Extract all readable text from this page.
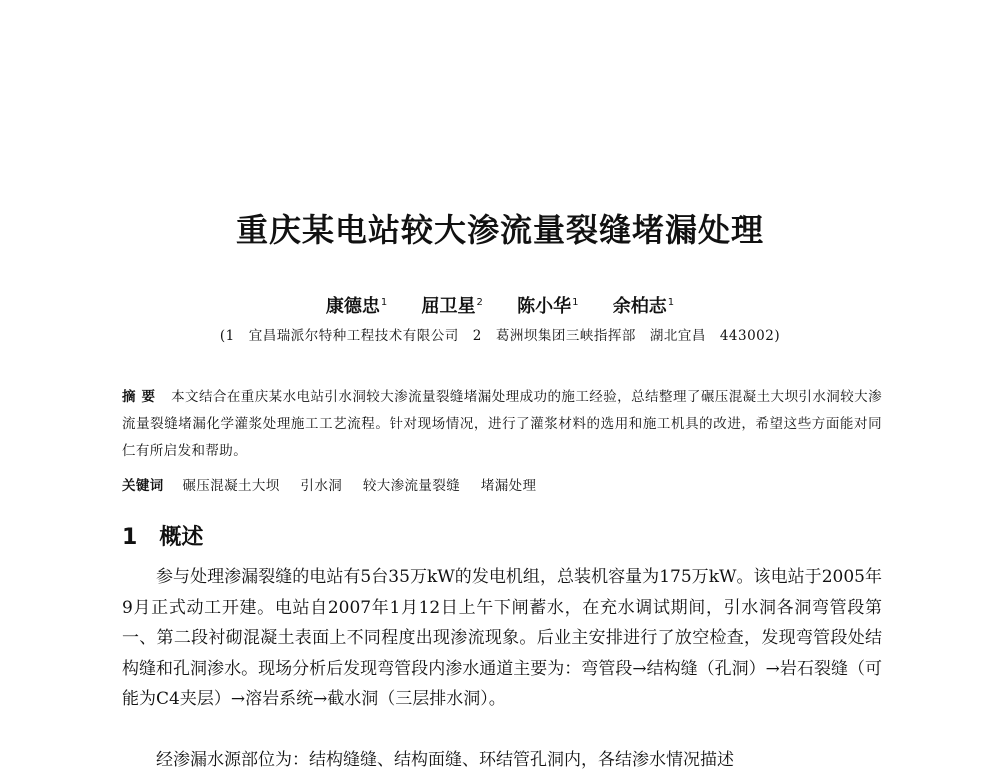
重庆某电站较大渗流量裂缝堵漏处理
康德忠$^1$ 屈卫星$^2$ 陈小华$^1$ 余柏志$^1$
(1　宜昌瑞派尔特种工程技术有限公司　2　葛洲坝集团三峡指挥部　湖北宜昌　443002)
摘要 本文结合在重庆某水电站引水洞较大渗流量裂缝堵漏处理成功的施工经验，总结整理了碾压混凝土大坝引水洞较大渗流量裂缝堵漏化学灌浆处理施工工艺流程。针对现场情况，进行了灌浆材料的选用和施工机具的改进，希望这些方面能对同仁有所启发和帮助。
关键词 碾压混凝土大坝 引水洞 较大渗流量裂缝 堵漏处理
1 概述
参与处理渗漏裂缝的电站有5台35万kW的发电机组，总装机容量为175万kW。该电站于2005年9月正式动工开建。电站自2007年1月12日上午下闸蓄水，在充水调试期间，引水洞各洞弯管段第一、第二段衬砌混凝土表面上不同程度出现渗流现象。后业主安排进行了放空检查，发现弯管段处结构缝和孔洞渗水。现场分析后发现弯管段内渗水通道主要为：弯管段→结构缝（孔洞）→岩石裂缝（可能为C4夹层）→溶岩系统→截水洞（三层排水洞）。
经渗漏水源部位为：结构缝缝、结构面缝、环结管孔洞内，各结渗水情况描述
